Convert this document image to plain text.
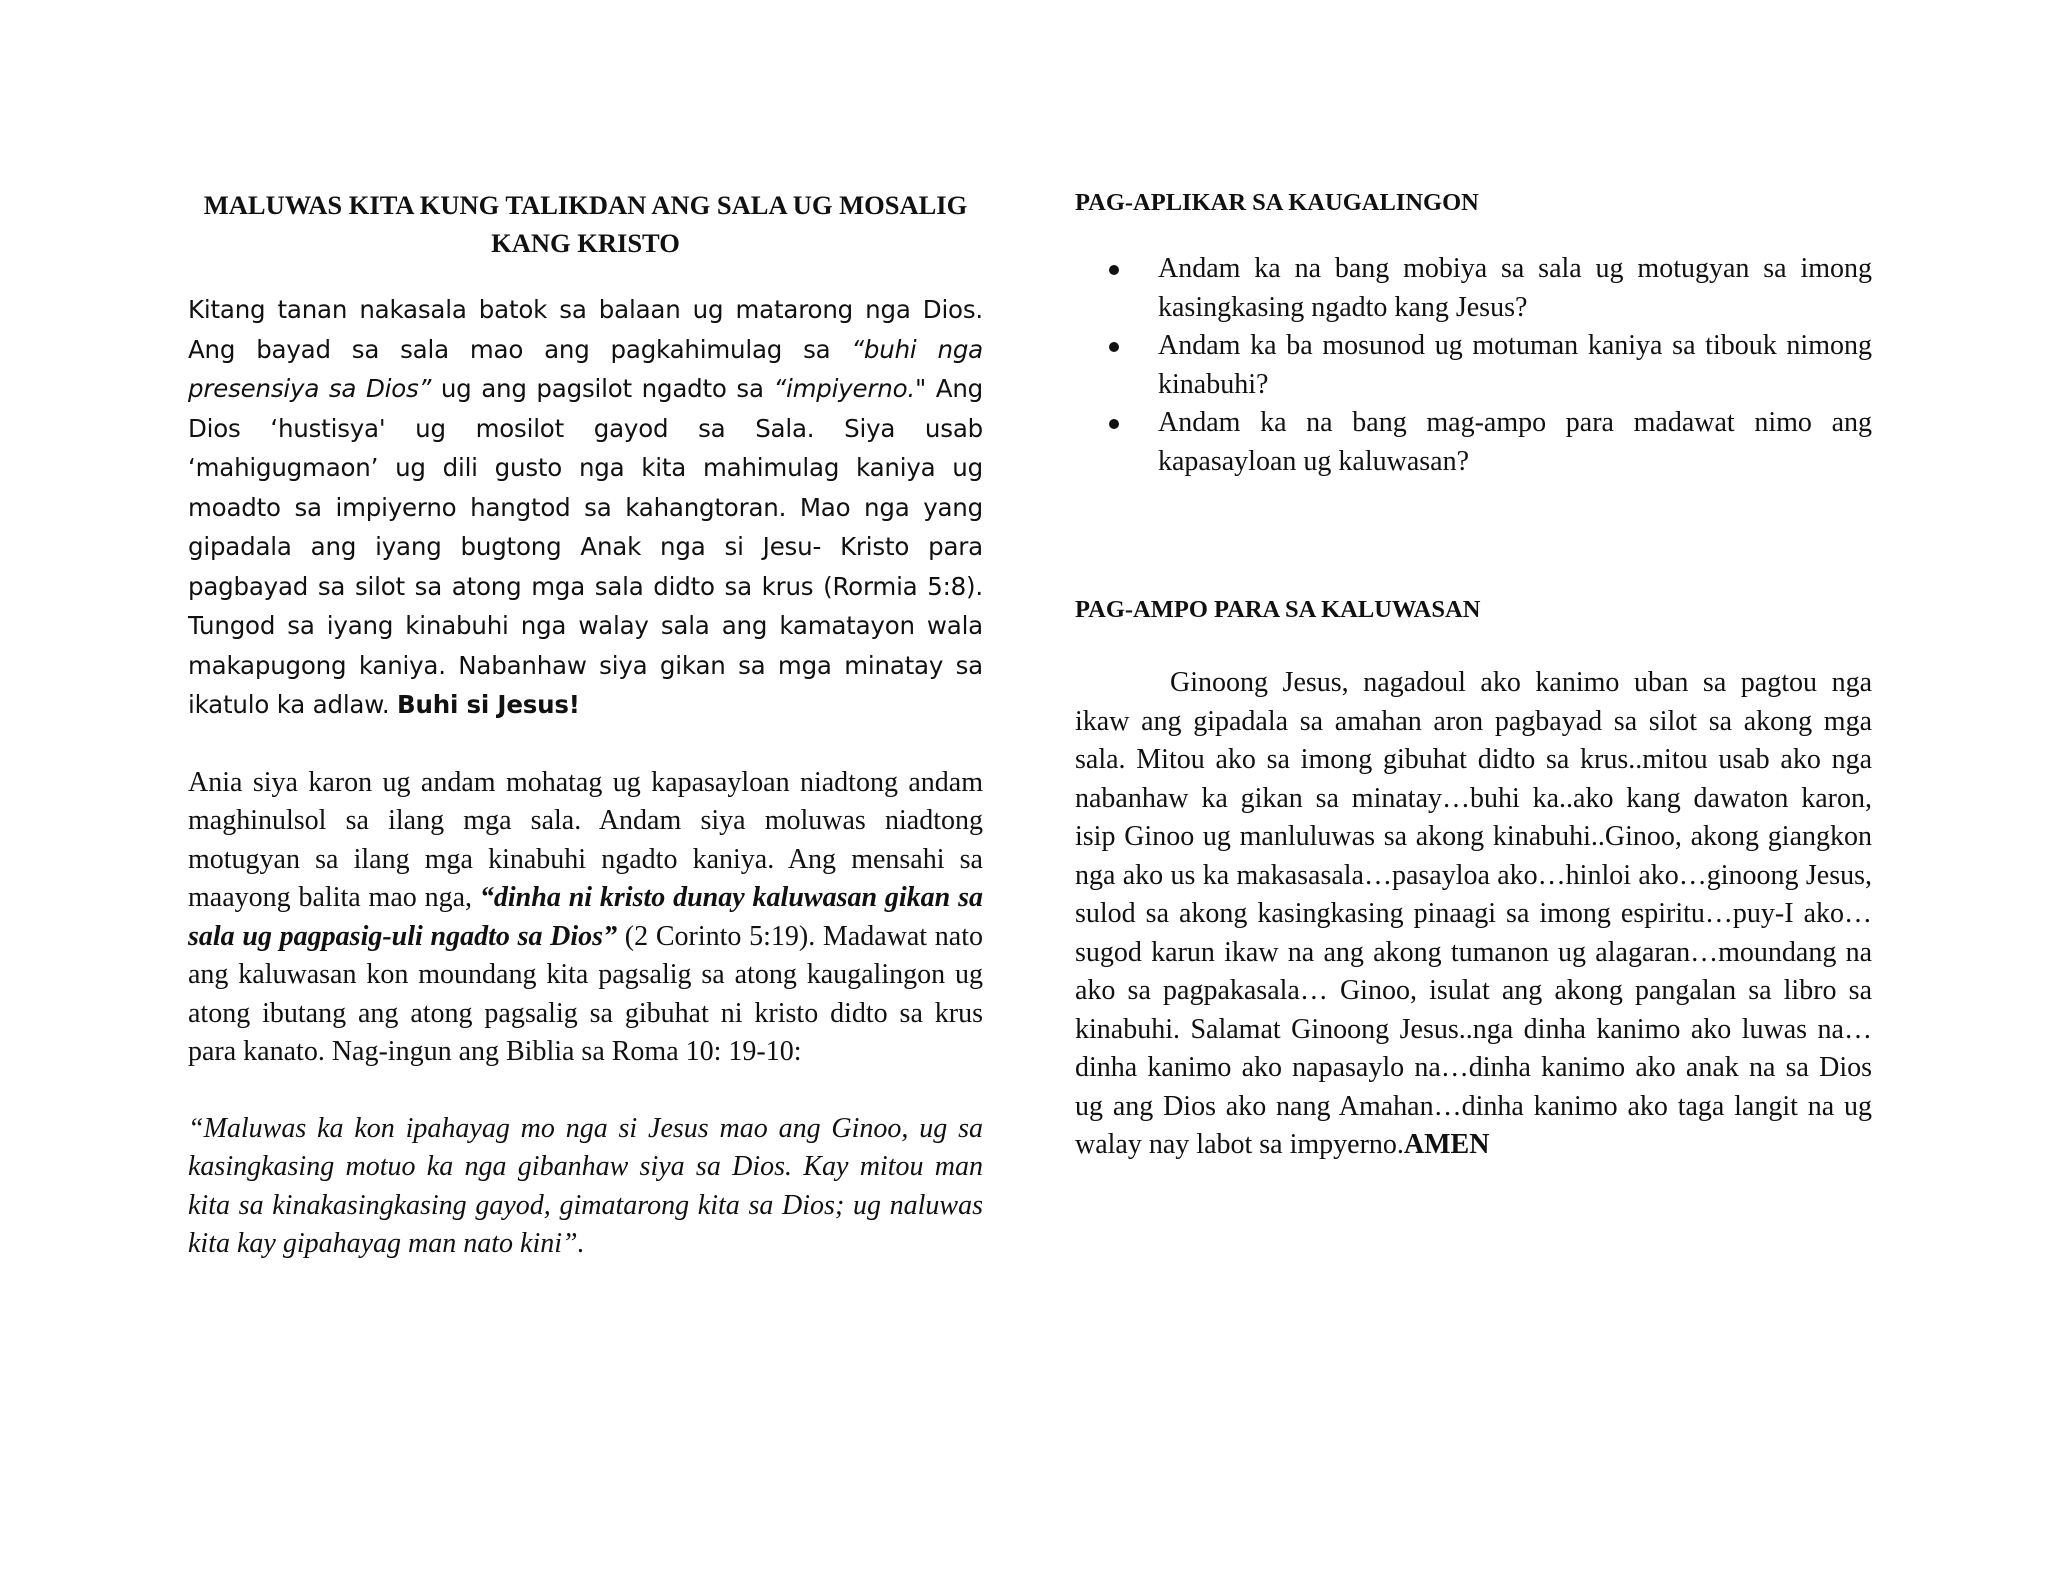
MALUWAS KITA KUNG TALIKDAN ANG SALA UG MOSALIG KANG KRISTO

Kitang tanan nakasala batok sa balaan ug matarong nga Dios. Ang bayad sa sala mao ang pagkahimulag sa “buhi nga presensiya sa Dios” ug ang pagsilot ngadto sa “impiyerno." Ang Dios ‘hustisya' ug mosilot gayod sa Sala. Siya usab ‘mahigugmaon’ ug dili gusto nga kita mahimulag kaniya ug moadto sa impiyerno hangtod sa kahangtoran. Mao nga yang gipadala ang iyang bugtong Anak nga si Jesu- Kristo para pagbayad sa silot sa atong mga sala didto sa krus (Rormia 5:8). Tungod sa iyang kinabuhi nga walay sala ang kamatayon wala makapugong kaniya. Nabanhaw siya gikan sa mga minatay sa ikatulo ka adlaw. Buhi si Jesus!

Ania siya karon ug andam mohatag ug kapasayloan niadtong andam maghinulsol sa ilang mga sala. Andam siya moluwas niadtong motugyan sa ilang mga kinabuhi ngadto kaniya. Ang mensahi sa maayong balita mao nga, “dinha ni kristo dunay kaluwasan gikan sa sala ug pagpasig-uli ngadto sa Dios” (2 Corinto 5:19). Madawat nato ang kaluwasan kon moundang kita pagsalig sa atong kaugalingon ug atong ibutang ang atong pagsalig sa gibuhat ni kristo didto sa krus para kanato. Nag-ingun ang Biblia sa Roma 10: 19-10:

“Maluwas ka kon ipahayag mo nga si Jesus mao ang Ginoo, ug sa kasingkasing motuo ka nga gibanhaw siya sa Dios. Kay mitou man kita sa kinakasingkasing gayod, gimatarong kita sa Dios; ug naluwas kita kay gipahayag man nato kini”.

PAG-APLIKAR SA KAUGALINGON
Andam ka na bang mobiya sa sala ug motugyan sa imong kasingkasing ngadto kang Jesus?
Andam ka ba mosunod ug motuman kaniya sa tibouk nimong kinabuhi?
Andam ka na bang mag-ampo para madawat nimo ang kapasayloan ug kaluwasan?
PAG-AMPO PARA SA KALUWASAN

Ginoong Jesus, nagadoul ako kanimo uban sa pagtou nga ikaw ang gipadala sa amahan aron pagbayad sa silot sa akong mga sala. Mitou ako sa imong gibuhat didto sa krus..mitou usab ako nga nabanhaw ka gikan sa minatay…buhi ka..ako kang dawaton karon, isip Ginoo ug manluluwas sa akong kinabuhi..Ginoo, akong giangkon nga ako us ka makasasala…pasayloa ako…hinloi ako…ginoong Jesus, sulod sa akong kasingkasing pinaagi sa imong espiritu…puy-I ako…sugod karun ikaw na ang akong tumanon ug alagaran…moundang na ako sa pagpakasala… Ginoo, isulat ang akong pangalan sa libro sa kinabuhi. Salamat Ginoong Jesus..nga dinha kanimo ako luwas na…dinha kanimo ako napasaylo na…dinha kanimo ako anak na sa Dios ug ang Dios ako nang Amahan…dinha kanimo ako taga langit na ug walay nay labot sa impyerno.AMEN
